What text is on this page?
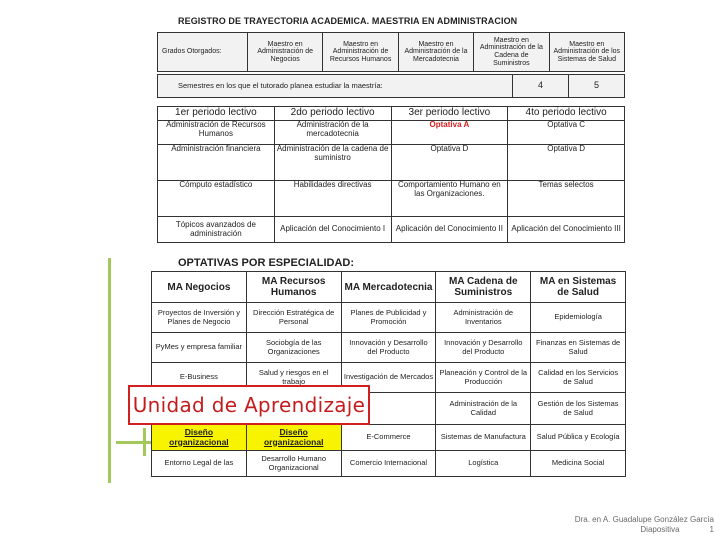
REGISTRO DE TRAYECTORIA ACADEMICA. MAESTRIA EN ADMINISTRACION
Grados Otorgados:	Maestro en Administración de Negocios	Maestro en Administración de Recursos Humanos	Maestro en Administración de la Mercadotecnia	Maestro en Administración de la Cadena de Suministros	Maestro en Administración de los Sistemas de Salud
Semestres en los que el tutorado planea estudiar la maestría:	4	5
1er periodo lectivo	2do periodo lectivo	3er periodo lectivo	4to periodo lectivo
Administración de Recursos Humanos	Administración de la mercadotecnia	Optativa A	Optativa C
Administración financiera	Administración de la cadena de suministro	Optativa D	Optativa D
Cómputo estadístico	Habilidades directivas	Comportamiento Humano en las Organizaciones.	Temas selectos
Tópicos avanzados de administración	Aplicación del Conocimiento I	Aplicación del Conocimiento II	Aplicación del Conocimiento III
OPTATIVAS POR ESPECIALIDAD:
MA Negocios	MA Recursos Humanos	MA Mercadotecnia	MA Cadena de Suministros	MA en Sistemas de Salud
Proyectos de Inversión y Planes de Negocio	Dirección Estratégica de Personal	Planes de Publicidad y Promoción	Administración de Inventarios	Epidemiología
PyMes y empresa familiar	Sociobgía de las Organizaciones	Innovación y Desarrollo del Producto	Innovación y Desarrollo del Producto	Finanzas en Sistemas de Salud
E-Business	Salud y riesgos en el trabajo	Investigación de Mercados	Planeación y Control de la Producción	Calidad en los Servicios de Salud
			Administración de la Calidad	Gestión de los Sistemas de Salud
Diseño organizacional	Diseño organizacional	E-Commerce	Sistemas de Manufactura	Salud Pública y Ecología
Entorno Legal de las	Desarrollo Humano Organizacional	Comercio Internacional	Logística	Medicina Social
Unidad de Aprendizaje
Dra. en A. Guadalupe González García
Diapositiva	1
